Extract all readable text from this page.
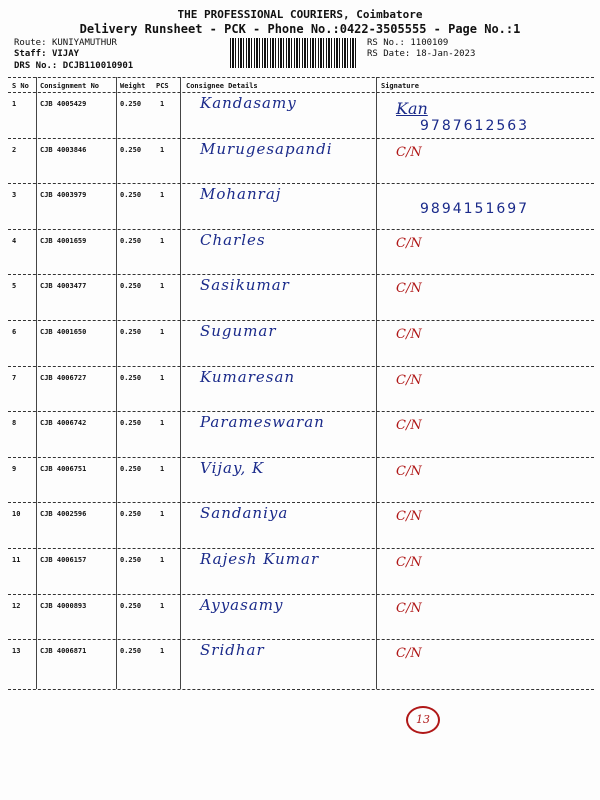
THE PROFESSIONAL COURIERS, Coimbatore
Delivery Runsheet - PCK - Phone No.:0422-3505555 - Page No.:1
Route: KUNIYAMUTHUR
Staff: VIJAY
DRS No.: DCJB110010901
RS No.: 1100109
RS Date: 18-Jan-2023
S No Consignment No	Weight PCS Consignee Details	Signature
1	CJB 4005429	0.250	1 Kandasamy	Kan
9787612563
2	CJB 4003846	0.250	1 Murugesapandi	C/N
3	CJB 4003979	0.250	1 Mohanraj
9894151697
4	CJB 4001659	0.250	1 Charles	C/N
5	CJB 4003477	0.250	1 Sasikumar	C/N
6	CJB 4001650	0.250	1 Sugumar	C/N
7	CJB 4006727	0.250	1 Kumaresan	C/N
8	CJB 4006742	0.250	1 Parameswaran	C/N
9	CJB 4006751	0.250	1 Vijay, K	C/N
10	CJB 4002596	0.250	1 Sandaniya	C/N
11	CJB 4006157	0.250	1 Rajesh Kumar	C/N
12	CJB 4000893	0.250	1 Ayyasamy	C/N
13	CJB 4006871	0.250	1 Sridhar	C/N
13
